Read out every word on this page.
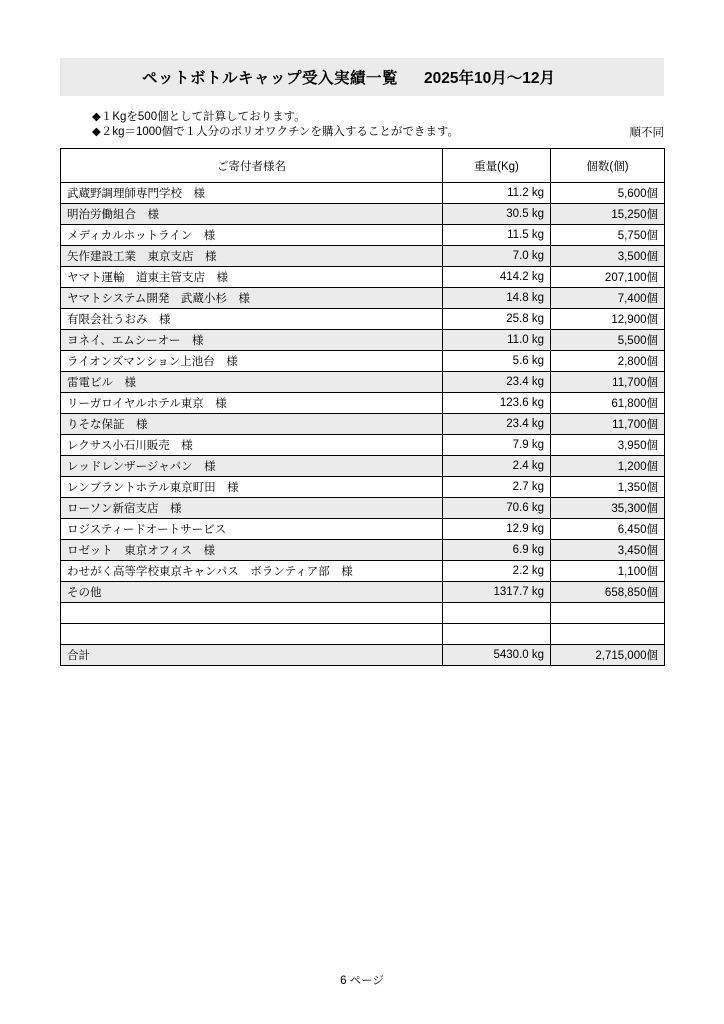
ペットボトルキャップ受入実績一覧	2025年10月～12月
◆１Kgを500個として計算しております。
◆２kg＝1000個で１人分のポリオワクチンを購入することができます。	順不同
ご寄付者様名	重量(Kg)	個数(個)
武蔵野調理師専門学校　様	11.2 kg	5,600個
明治労働組合　様	30.5 kg	15,250個
メディカルホットライン　様	11.5 kg	5,750個
矢作建設工業　東京支店　様	7.0 kg	3,500個
ヤマト運輸　道東主管支店　様	414.2 kg	207,100個
ヤマトシステム開発　武蔵小杉　様	14.8 kg	7,400個
有限会社うおみ　様	25.8 kg	12,900個
ヨネイ、エムシーオー　様	11.0 kg	5,500個
ライオンズマンション上池台　様	5.6 kg	2,800個
雷電ビル　様	23.4 kg	11,700個
リーガロイヤルホテル東京　様	123.6 kg	61,800個
りそな保証　様	23.4 kg	11,700個
レクサス小石川販売　様	7.9 kg	3,950個
レッドレンザージャパン　様	2.4 kg	1,200個
レンブラントホテル東京町田　様	2.7 kg	1,350個
ローソン新宿支店　様	70.6 kg	35,300個
ロジスティードオートサービス	12.9 kg	6,450個
ロゼット　東京オフィス　様	6.9 kg	3,450個
わせがく高等学校東京キャンパス　ボランティア部　様	2.2 kg	1,100個
その他	1317.7 kg	658,850個

合計	5430.0 kg	2,715,000個
6 ページ
